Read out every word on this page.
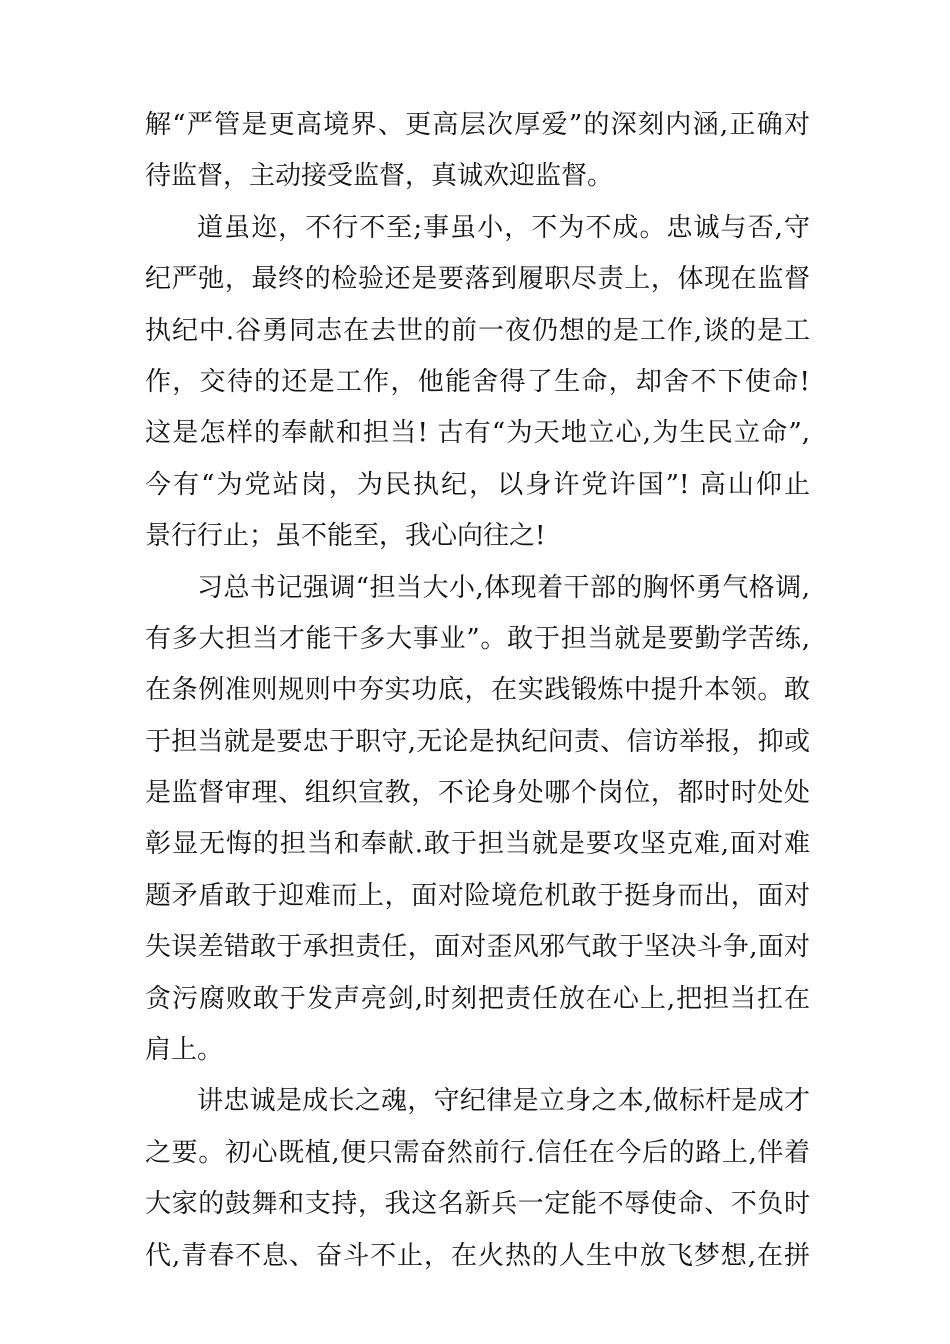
解“严管是更高境界、更高层次厚爱”的深刻内涵,正确对
待监督，主动接受监督，真诚欢迎监督。
道虽迩，不行不至;事虽小，不为不成。忠诚与否,守
纪严弛，最终的检验还是要落到履职尽责上，体现在监督
执纪中.谷勇同志在去世的前一夜仍想的是工作,谈的是工
作，交待的还是工作，他能舍得了生命，却舍不下使命!
这是怎样的奉献和担当! 古有“为天地立心,为生民立命”,
今有“为党站岗，为民执纪，以身许党许国”! 高山仰止
景行行止；虽不能至，我心向往之!
习总书记强调“担当大小,体现着干部的胸怀勇气格调,
有多大担当才能干多大事业”。敢于担当就是要勤学苦练,
在条例准则规则中夯实功底，在实践锻炼中提升本领。敢
于担当就是要忠于职守,无论是执纪问责、信访举报，抑或
是监督审理、组织宣教，不论身处哪个岗位，都时时处处
彰显无悔的担当和奉献.敢于担当就是要攻坚克难,面对难
题矛盾敢于迎难而上，面对险境危机敢于挺身而出，面对
失误差错敢于承担责任，面对歪风邪气敢于坚决斗争,面对
贪污腐败敢于发声亮剑,时刻把责任放在心上,把担当扛在
肩上。
讲忠诚是成长之魂，守纪律是立身之本,做标杆是成才
之要。初心既植,便只需奋然前行.信任在今后的路上,伴着
大家的鼓舞和支持，我这名新兵一定能不辱使命、不负时
代,青春不息、奋斗不止，在火热的人生中放飞梦想,在拼
